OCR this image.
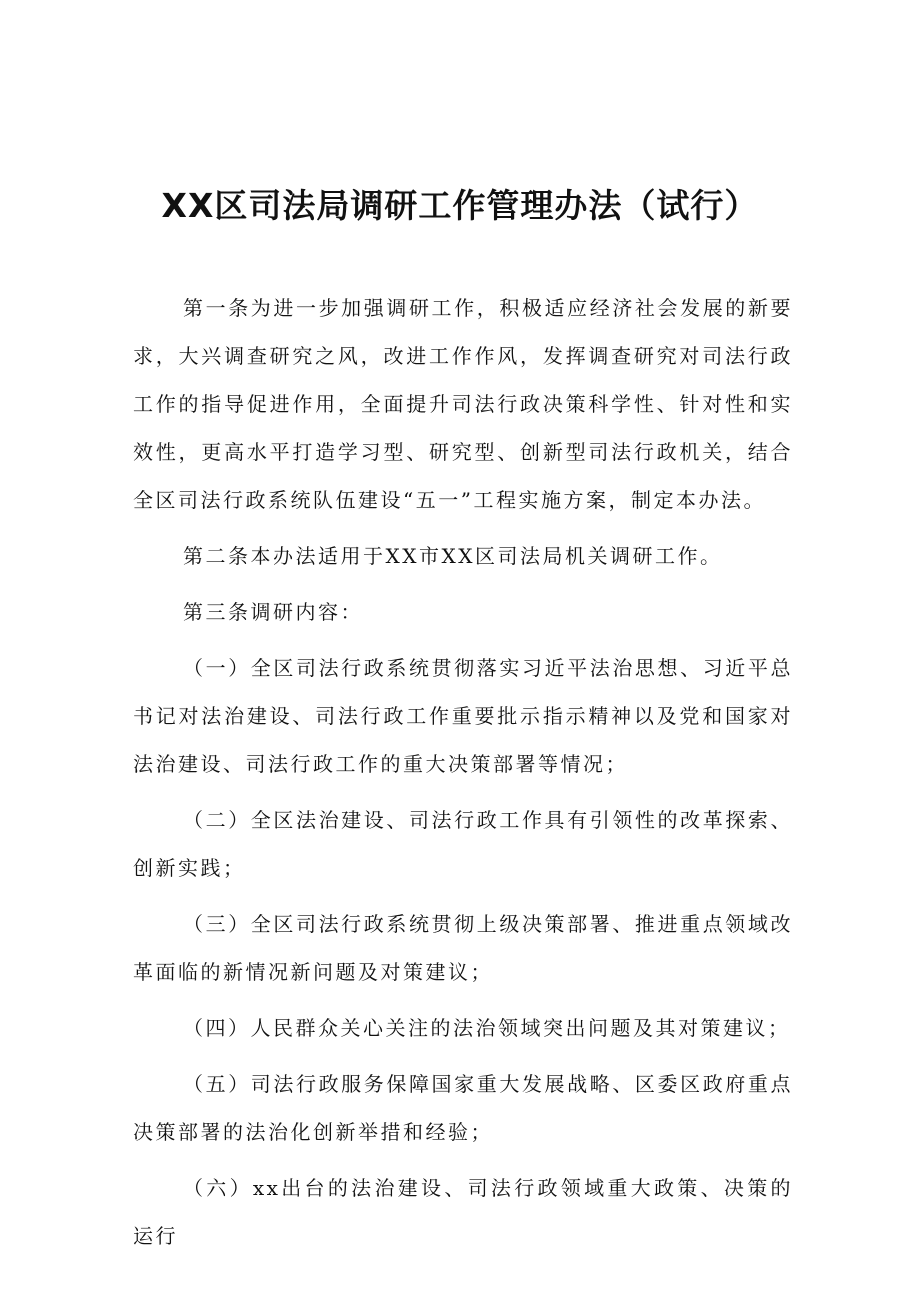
XX区司法局调研工作管理办法（试行）

第一条为进一步加强调研工作，积极适应经济社会发展的新要求，大兴调查研究之风，改进工作作风，发挥调查研究对司法行政工作的指导促进作用，全面提升司法行政决策科学性、针对性和实效性，更高水平打造学习型、研究型、创新型司法行政机关，结合全区司法行政系统队伍建设“五一”工程实施方案，制定本办法。

第二条本办法适用于XX市XX区司法局机关调研工作。

第三条调研内容：

（一）全区司法行政系统贯彻落实习近平法治思想、习近平总书记对法治建设、司法行政工作重要批示指示精神以及党和国家对法治建设、司法行政工作的重大决策部署等情况；

（二）全区法治建设、司法行政工作具有引领性的改革探索、创新实践；

（三）全区司法行政系统贯彻上级决策部署、推进重点领域改革面临的新情况新问题及对策建议；

（四）人民群众关心关注的法治领域突出问题及其对策建议；

（五）司法行政服务保障国家重大发展战略、区委区政府重点决策部署的法治化创新举措和经验；

（六）xx出台的法治建设、司法行政领域重大政策、决策的运行
